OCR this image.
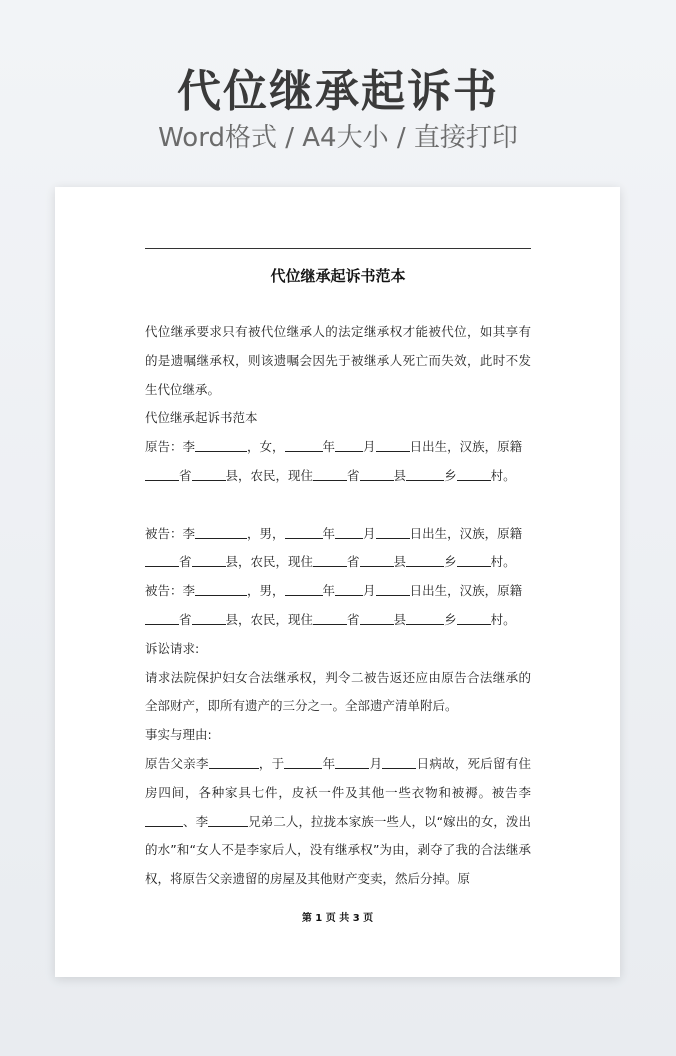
代位继承起诉书
Word格式 / A4大小 / 直接打印
代位继承起诉书范本

代位继承要求只有被代位继承人的法定继承权才能被代位，如其享有的是遗嘱继承权，则该遗嘱会因先于被继承人死亡而失效，此时不发生代位继承。

代位继承起诉书范本

原告：李	，女，	年 月	日出生，汉族，原籍

省	县，农民，现住	省	县	乡	村。

被告：李	，男，	年 月	日出生，汉族，原籍

省	县，农民，现住	省	县	乡	村。

被告：李	，男，	年 月	日出生，汉族，原籍

省	县，农民，现住	省	县	乡	村。

诉讼请求:

请求法院保护妇女合法继承权，判令二被告返还应由原告合法继承的全部财产，即所有遗产的三分之一。全部遗产清单附后。

事实与理由:

原告父亲李	，于	年	月	日病故，死后留有住房四间，各种家具七件，皮袄一件及其他一些衣物和被褥。被告李、李	兄弟二人，拉拢本家族一些人，以“嫁出的女，泼出的水”和“女人不是李家后人，没有继承权”为由，剥夺了我的合法继承权，将原告父亲遗留的房屋及其他财产变卖，然后分掉。原

第 1 页 共 3 页
